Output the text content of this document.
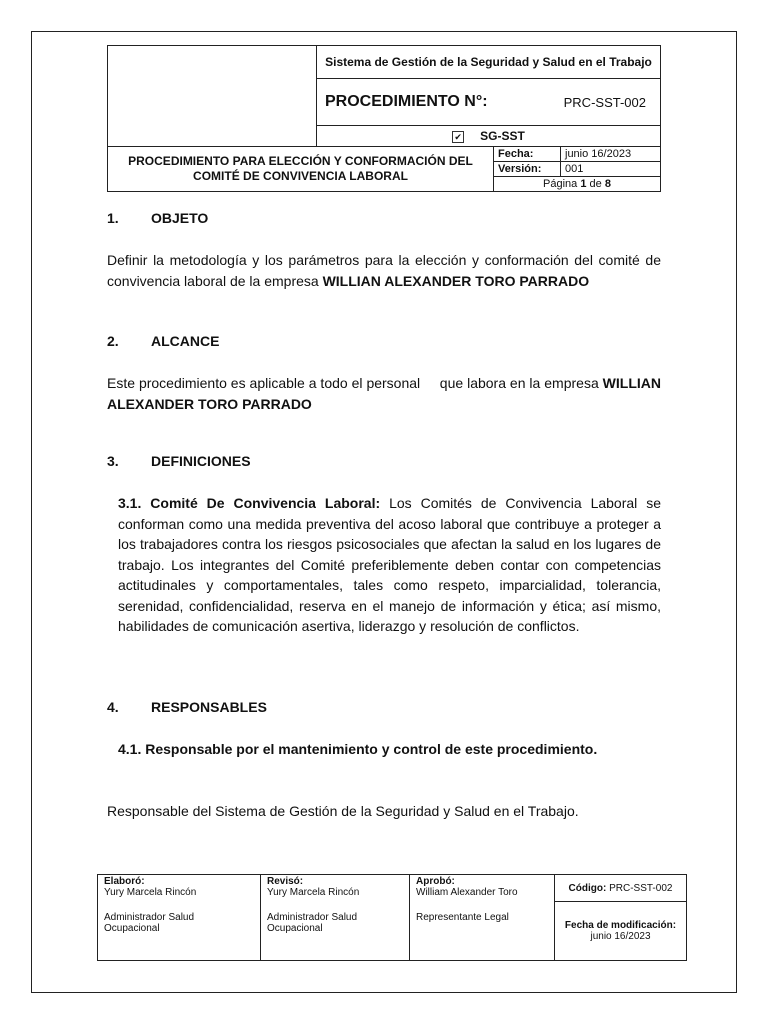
	Sistema de Gestión de la Seguridad y Salud en el Trabajo

PROCEDIMIENTO N°:	PRC-SST-002

✔ SG-SST
PROCEDIMIENTO PARA ELECCIÓN Y CONFORMACIÓN DEL COMITÉ DE CONVIVENCIA LABORAL	
Fecha:	junio 16/2023
Versión:	001
Página 1 de 8
1. OBJETO
Definir la metodología y los parámetros para la elección y conformación del comité de convivencia laboral de la empresa WILLIAN ALEXANDER TORO PARRADO
2. ALCANCE
Este procedimiento es aplicable a todo el personal     que labora en la empresa WILLIAN ALEXANDER TORO PARRADO
3. DEFINICIONES
3.1. Comité De Convivencia Laboral: Los Comités de Convivencia Laboral se conforman como una medida preventiva del acoso laboral que contribuye a proteger a los trabajadores contra los riesgos psicosociales que afectan la salud en los lugares de trabajo. Los integrantes del Comité preferiblemente deben contar con competencias actitudinales y comportamentales, tales como respeto, imparcialidad, tolerancia, serenidad, confidencialidad, reserva en el manejo de información y ética; así mismo, habilidades de comunicación asertiva, liderazgo y resolución de conflictos.
4. RESPONSABLES
4.1. Responsable por el mantenimiento y control de este procedimiento.
Responsable del Sistema de Gestión de la Seguridad y Salud en el Trabajo.
Elaboró:
Yury Marcela Rincón
Administrador Salud Ocupacional

Revisó:
Yury Marcela Rincón
Administrador Salud Ocupacional

Aprobó:
William Alexander Toro
Representante Legal

Código:
PRC-SST-002
Fecha de modificación:
junio 16/2023
